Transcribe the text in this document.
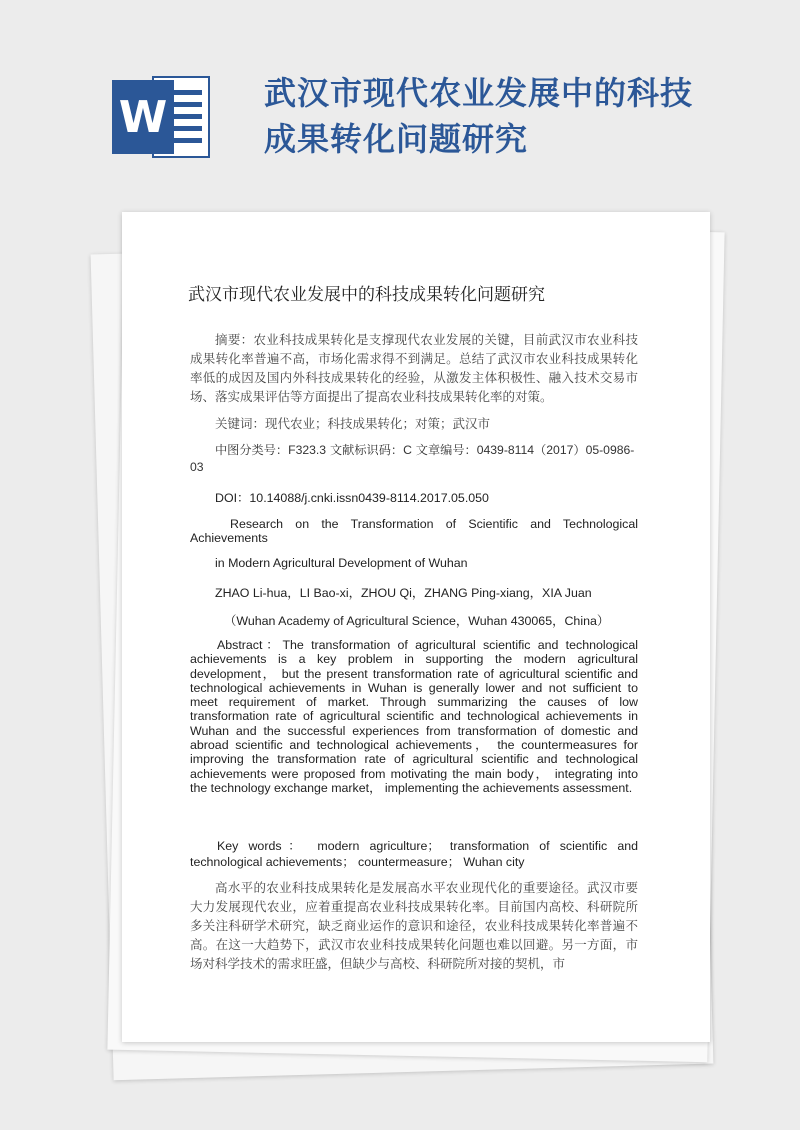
W	武汉市现代农业发展中的科技成果转化问题研究
武汉市现代农业发展中的科技成果转化问题研究

摘要：农业科技成果转化是支撑现代农业发展的关键，目前武汉市农业科技成果转化率普遍不高，市场化需求得不到满足。总结了武汉市农业科技成果转化率低的成因及国内外科技成果转化的经验，从激发主体积极性、融入技术交易市场、落实成果评估等方面提出了提高农业科技成果转化率的对策。

关键词：现代农业；科技成果转化；对策；武汉市

中图分类号：F323.3 文献标识码：C 文章编号：0439-8114（2017）05-0986-03

DOI：10.14088/j.cnki.issn0439-8114.2017.05.050

Research on the Transformation of Scientific and Technological Achievements

in Modern Agricultural Development of Wuhan

ZHAO Li-hua，LI Bao-xi，ZHOU Qi，ZHANG Ping-xiang，XIA Juan

（Wuhan Academy of Agricultural Science，Wuhan 430065，China）

Abstract：The transformation of agricultural scientific and technological achievements is a key problem in supporting the modern agricultural development， but the present transformation rate of agricultural scientific and technological achievements in Wuhan is generally lower and not sufficient to meet requirement of market. Through summarizing the causes of low transformation rate of agricultural scientific and technological achievements in Wuhan and the successful experiences from transformation of domestic and abroad scientific and technological achievements， the countermeasures for improving the transformation rate of agricultural scientific and technological achievements were proposed from motivating the main body， integrating into the technology exchange market， implementing the achievements assessment.

Key words： modern agriculture； transformation of scientific and technological achievements； countermeasure； Wuhan city

高水平的农业科技成果转化是发展高水平农业现代化的重要途径。武汉市要大力发展现代农业，应着重提高农业科技成果转化率。目前国内高校、科研院所多关注科研学术研究，缺乏商业运作的意识和途径，农业科技成果转化率普遍不高。在这一大趋势下，武汉市农业科技成果转化问题也难以回避。另一方面，市场对科学技术的需求旺盛，但缺少与高校、科研院所对接的契机，市
